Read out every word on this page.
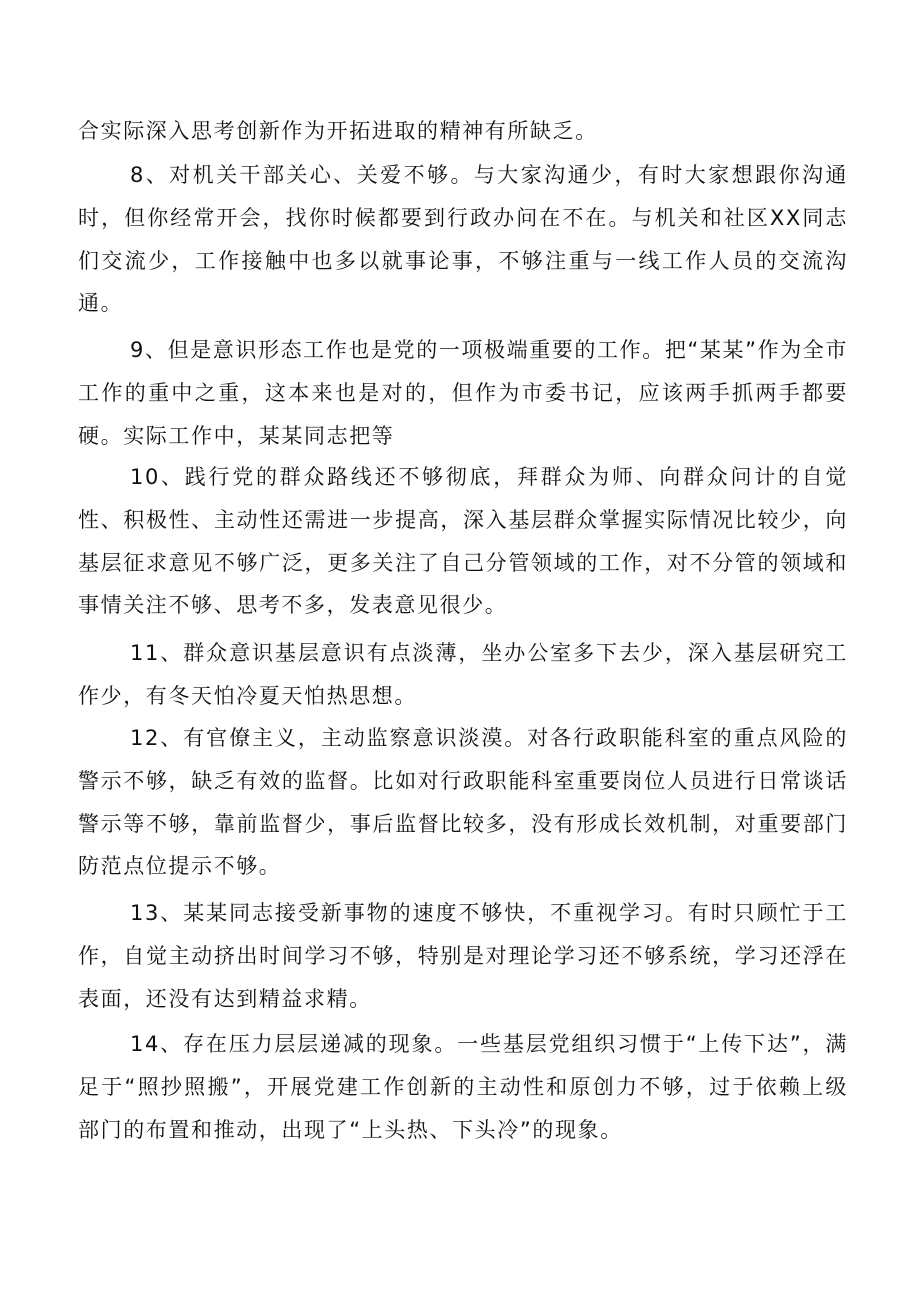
合实际深入思考创新作为开拓进取的精神有所缺乏。

8、对机关干部关心、关爱不够。与大家沟通少，有时大家想跟你沟通时，但你经常开会，找你时候都要到行政办问在不在。与机关和社区XX同志们交流少，工作接触中也多以就事论事，不够注重与一线工作人员的交流沟通。

9、但是意识形态工作也是党的一项极端重要的工作。把“某某”作为全市工作的重中之重，这本来也是对的，但作为市委书记，应该两手抓两手都要硬。实际工作中，某某同志把等

10、践行党的群众路线还不够彻底，拜群众为师、向群众问计的自觉性、积极性、主动性还需进一步提高，深入基层群众掌握实际情况比较少，向基层征求意见不够广泛，更多关注了自己分管领域的工作，对不分管的领域和事情关注不够、思考不多，发表意见很少。

11、群众意识基层意识有点淡薄，坐办公室多下去少，深入基层研究工作少，有冬天怕冷夏天怕热思想。

12、有官僚主义，主动监察意识淡漠。对各行政职能科室的重点风险的警示不够，缺乏有效的监督。比如对行政职能科室重要岗位人员进行日常谈话警示等不够，靠前监督少，事后监督比较多，没有形成长效机制，对重要部门防范点位提示不够。

13、某某同志接受新事物的速度不够快，不重视学习。有时只顾忙于工作，自觉主动挤出时间学习不够，特别是对理论学习还不够系统，学习还浮在表面，还没有达到精益求精。

14、存在压力层层递减的现象。一些基层党组织习惯于“上传下达”，满足于“照抄照搬”，开展党建工作创新的主动性和原创力不够，过于依赖上级部门的布置和推动，出现了“上头热、下头冷”的现象。
